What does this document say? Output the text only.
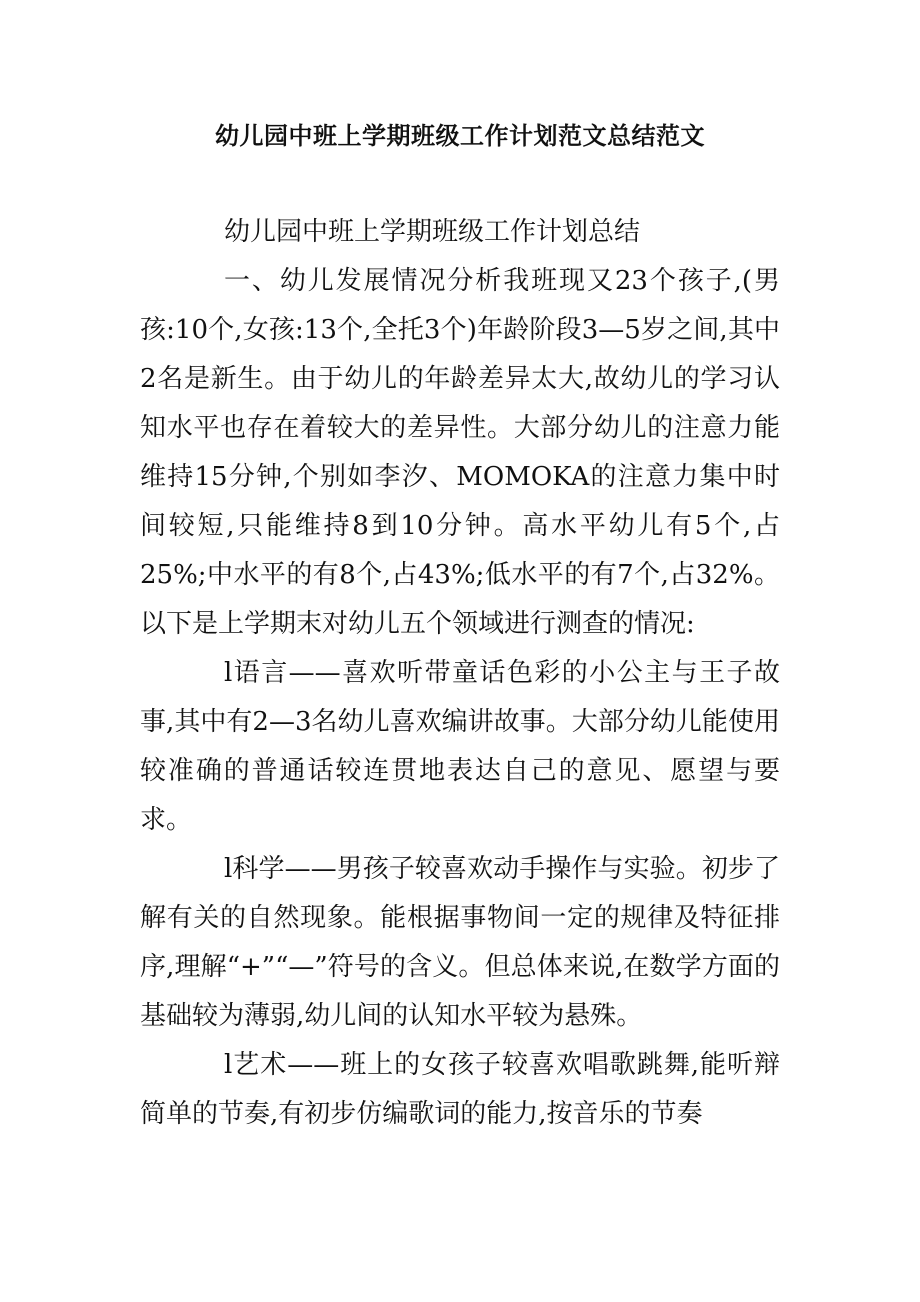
幼儿园中班上学期班级工作计划范文总结范文

幼儿园中班上学期班级工作计划总结

一、幼儿发展情况分析我班现又23个孩子,(男孩:10个,女孩:13个,全托3个)年龄阶段3—5岁之间,其中2名是新生。由于幼儿的年龄差异太大,故幼儿的学习认知水平也存在着较大的差异性。大部分幼儿的注意力能维持15分钟,个别如李汐、MOMOKA的注意力集中时间较短,只能维持8到10分钟。高水平幼儿有5个,占25%;中水平的有8个,占43%;低水平的有7个,占32%。以下是上学期末对幼儿五个领域进行测查的情况:

l语言——喜欢听带童话色彩的小公主与王子故事,其中有2—3名幼儿喜欢编讲故事。大部分幼儿能使用较准确的普通话较连贯地表达自己的意见、愿望与要求。

l科学——男孩子较喜欢动手操作与实验。初步了解有关的自然现象。能根据事物间一定的规律及特征排序,理解“+”“—”符号的含义。但总体来说,在数学方面的基础较为薄弱,幼儿间的认知水平较为悬殊。

l艺术——班上的女孩子较喜欢唱歌跳舞,能听辩简单的节奏,有初步仿编歌词的能力,按音乐的节奏
